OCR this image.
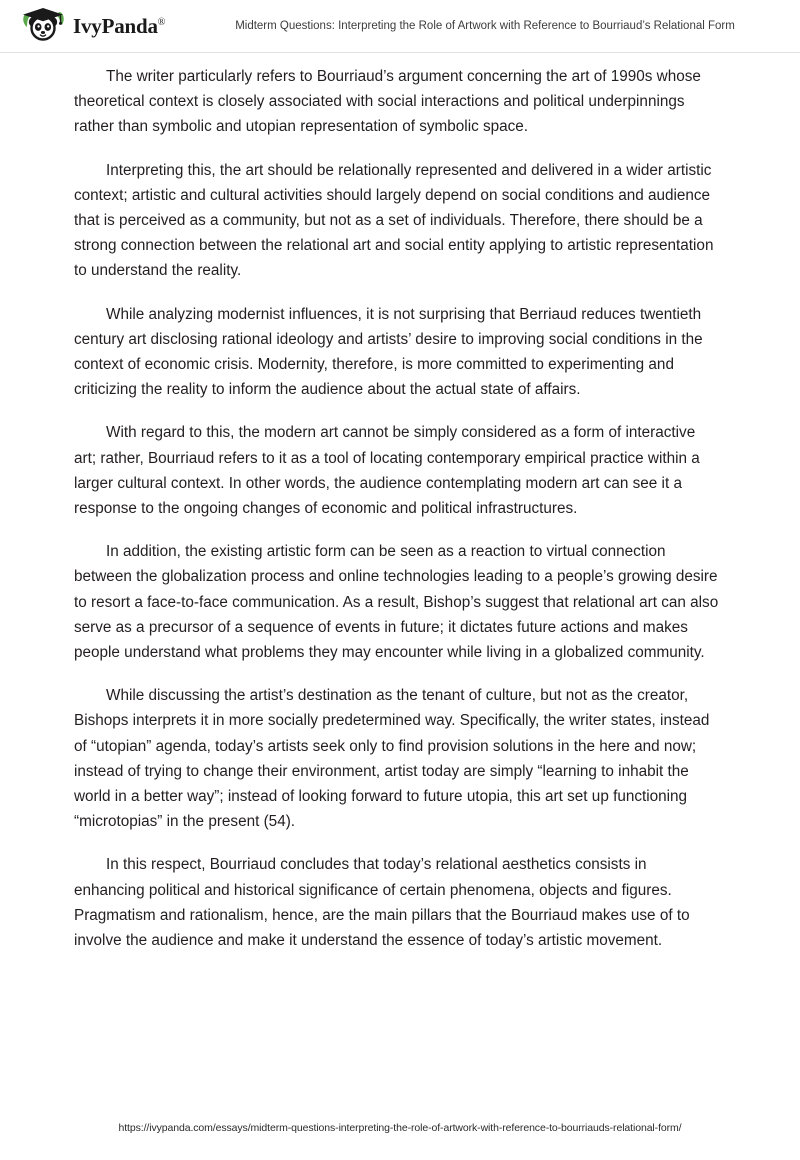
IvyPanda®	Midterm Questions: Interpreting the Role of Artwork with Reference to Bourriaud’s Relational Form

The writer particularly refers to Bourriaud’s argument concerning the art of 1990s whose theoretical context is closely associated with social interactions and political underpinnings rather than symbolic and utopian representation of symbolic space.

Interpreting this, the art should be relationally represented and delivered in a wider artistic context; artistic and cultural activities should largely depend on social conditions and audience that is perceived as a community, but not as a set of individuals. Therefore, there should be a strong connection between the relational art and social entity applying to artistic representation to understand the reality.

While analyzing modernist influences, it is not surprising that Berriaud reduces twentieth century art disclosing rational ideology and artists’ desire to improving social conditions in the context of economic crisis. Modernity, therefore, is more committed to experimenting and criticizing the reality to inform the audience about the actual state of affairs.

With regard to this, the modern art cannot be simply considered as a form of interactive art; rather, Bourriaud refers to it as a tool of locating contemporary empirical practice within a larger cultural context. In other words, the audience contemplating modern art can see it a response to the ongoing changes of economic and political infrastructures.

In addition, the existing artistic form can be seen as a reaction to virtual connection between the globalization process and online technologies leading to a people’s growing desire to resort a face-to-face communication. As a result, Bishop’s suggest that relational art can also serve as a precursor of a sequence of events in future; it dictates future actions and makes people understand what problems they may encounter while living in a globalized community.

While discussing the artist’s destination as the tenant of culture, but not as the creator, Bishops interprets it in more socially predetermined way. Specifically, the writer states, instead of “utopian” agenda, today’s artists seek only to find provision solutions in the here and now; instead of trying to change their environment, artist today are simply “learning to inhabit the world in a better way”; instead of looking forward to future utopia, this art set up functioning “microtopias” in the present (54).

In this respect, Bourriaud concludes that today’s relational aesthetics consists in enhancing political and historical significance of certain phenomena, objects and figures. Pragmatism and rationalism, hence, are the main pillars that the Bourriaud makes use of to involve the audience and make it understand the essence of today’s artistic movement.

https://ivypanda.com/essays/midterm-questions-interpreting-the-role-of-artwork-with-reference-to-bourriauds-relational-form/
